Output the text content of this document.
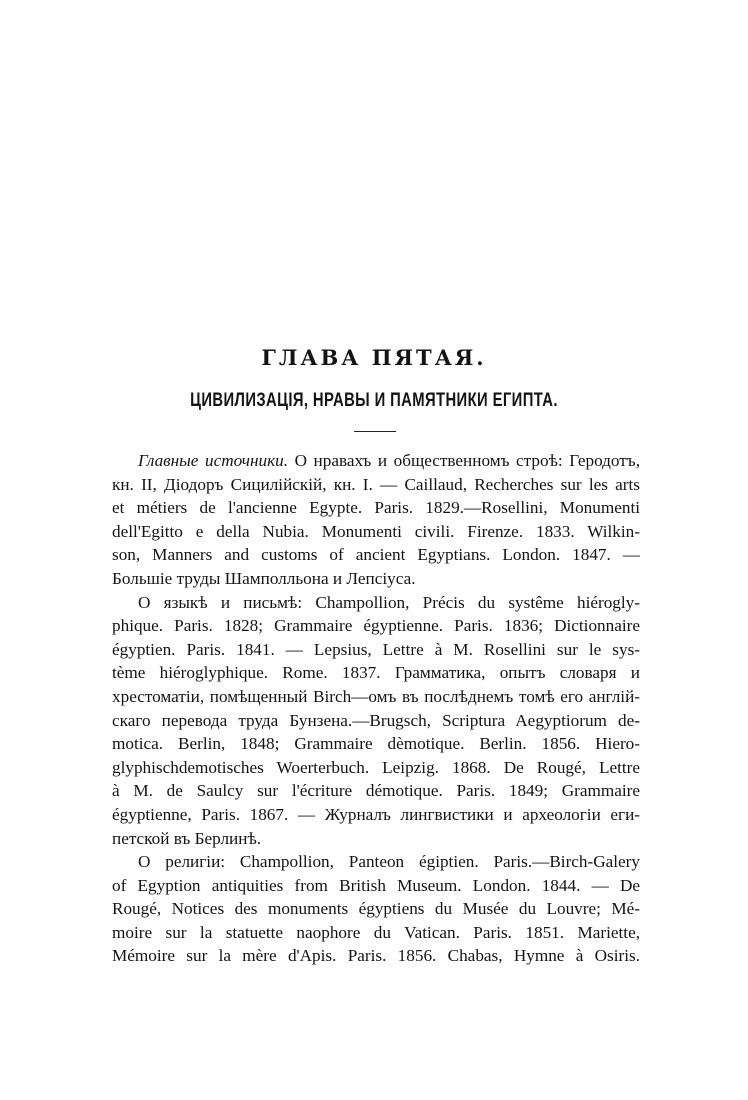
ГЛАВА ПЯТАЯ.
ЦИВИЛИЗАЦІЯ, НРАВЫ И ПАМЯТНИКИ ЕГИПТА.
Главные источники. О нравахъ и общественномъ строѣ: Геродотъ,
кн. II, Діодоръ Сицилійскій, кн. I. — Caillaud, Recherches sur les arts
et métiers de l'ancienne Egypte. Paris. 1829.—Rosellini, Monumenti
dell'Egitto e della Nubia. Monumenti civili. Firenze. 1833. Wilkin-
son, Manners and customs of ancient Egyptians. London. 1847. —
Большіе труды Шамполльона и Лепсіуса.
О языкѣ и письмѣ: Champollion, Précis du systême hiérogly-
phique. Paris. 1828; Grammaire égyptienne. Paris. 1836; Dictionnaire
égyptien. Paris. 1841. — Lepsius, Lettre à M. Rosellini sur le sys-
tème hiéroglyphique. Rome. 1837. Грамматика, опытъ словаря и
хрестоматіи, помѣщенный Birch—омъ въ послѣднемъ томѣ его англій-
скаго перевода труда Бунзена.—Brugsch, Scriptura Aegyptiorum de-
motica. Berlin, 1848; Grammaire dèmotique. Berlin. 1856. Hiero-
glyphischdemotisches Woerterbuch. Leipzig. 1868. De Rougé, Lettre
à M. de Saulcy sur l'écriture démotique. Paris. 1849; Grammaire
égyptienne, Paris. 1867. — Журналъ лингвистики и археологіи еги-
петской въ Берлинѣ.
О религіи: Champollion, Panteon égiptien. Paris.—Birch-Galery
of Egyption antiquities from British Museum. London. 1844. — De
Rougé, Notices des monuments égyptiens du Musée du Louvre; Mé-
moire sur la statuette naophore du Vatican. Paris. 1851. Mariette,
Mémoire sur la mère d'Apis. Paris. 1856. Chabas, Hymne à Osiris.
